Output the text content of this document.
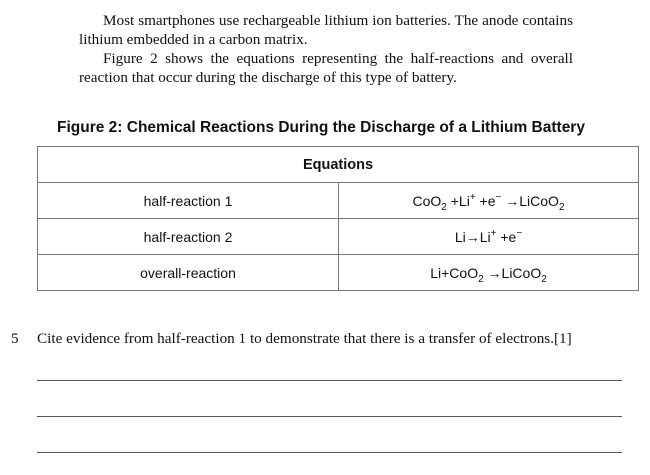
Most smartphones use rechargeable lithium ion batteries. The anode contains lithium embedded in a carbon matrix.

Figure 2 shows the equations representing the half-reactions and overall reaction that occur during the discharge of this type of battery.

Figure 2: Chemical Reactions During the Discharge of a Lithium Battery
Equations	
half-reaction 1	CoO$_2$ +Li+ +e− →LiCoO$_2$
half-reaction 2	Li→Li+ +e−
overall-reaction	Li+CoO$_2$ →LiCoO$_2$
5 Cite evidence from half-reaction 1 to demonstrate that there is a transfer of electrons. [1]
